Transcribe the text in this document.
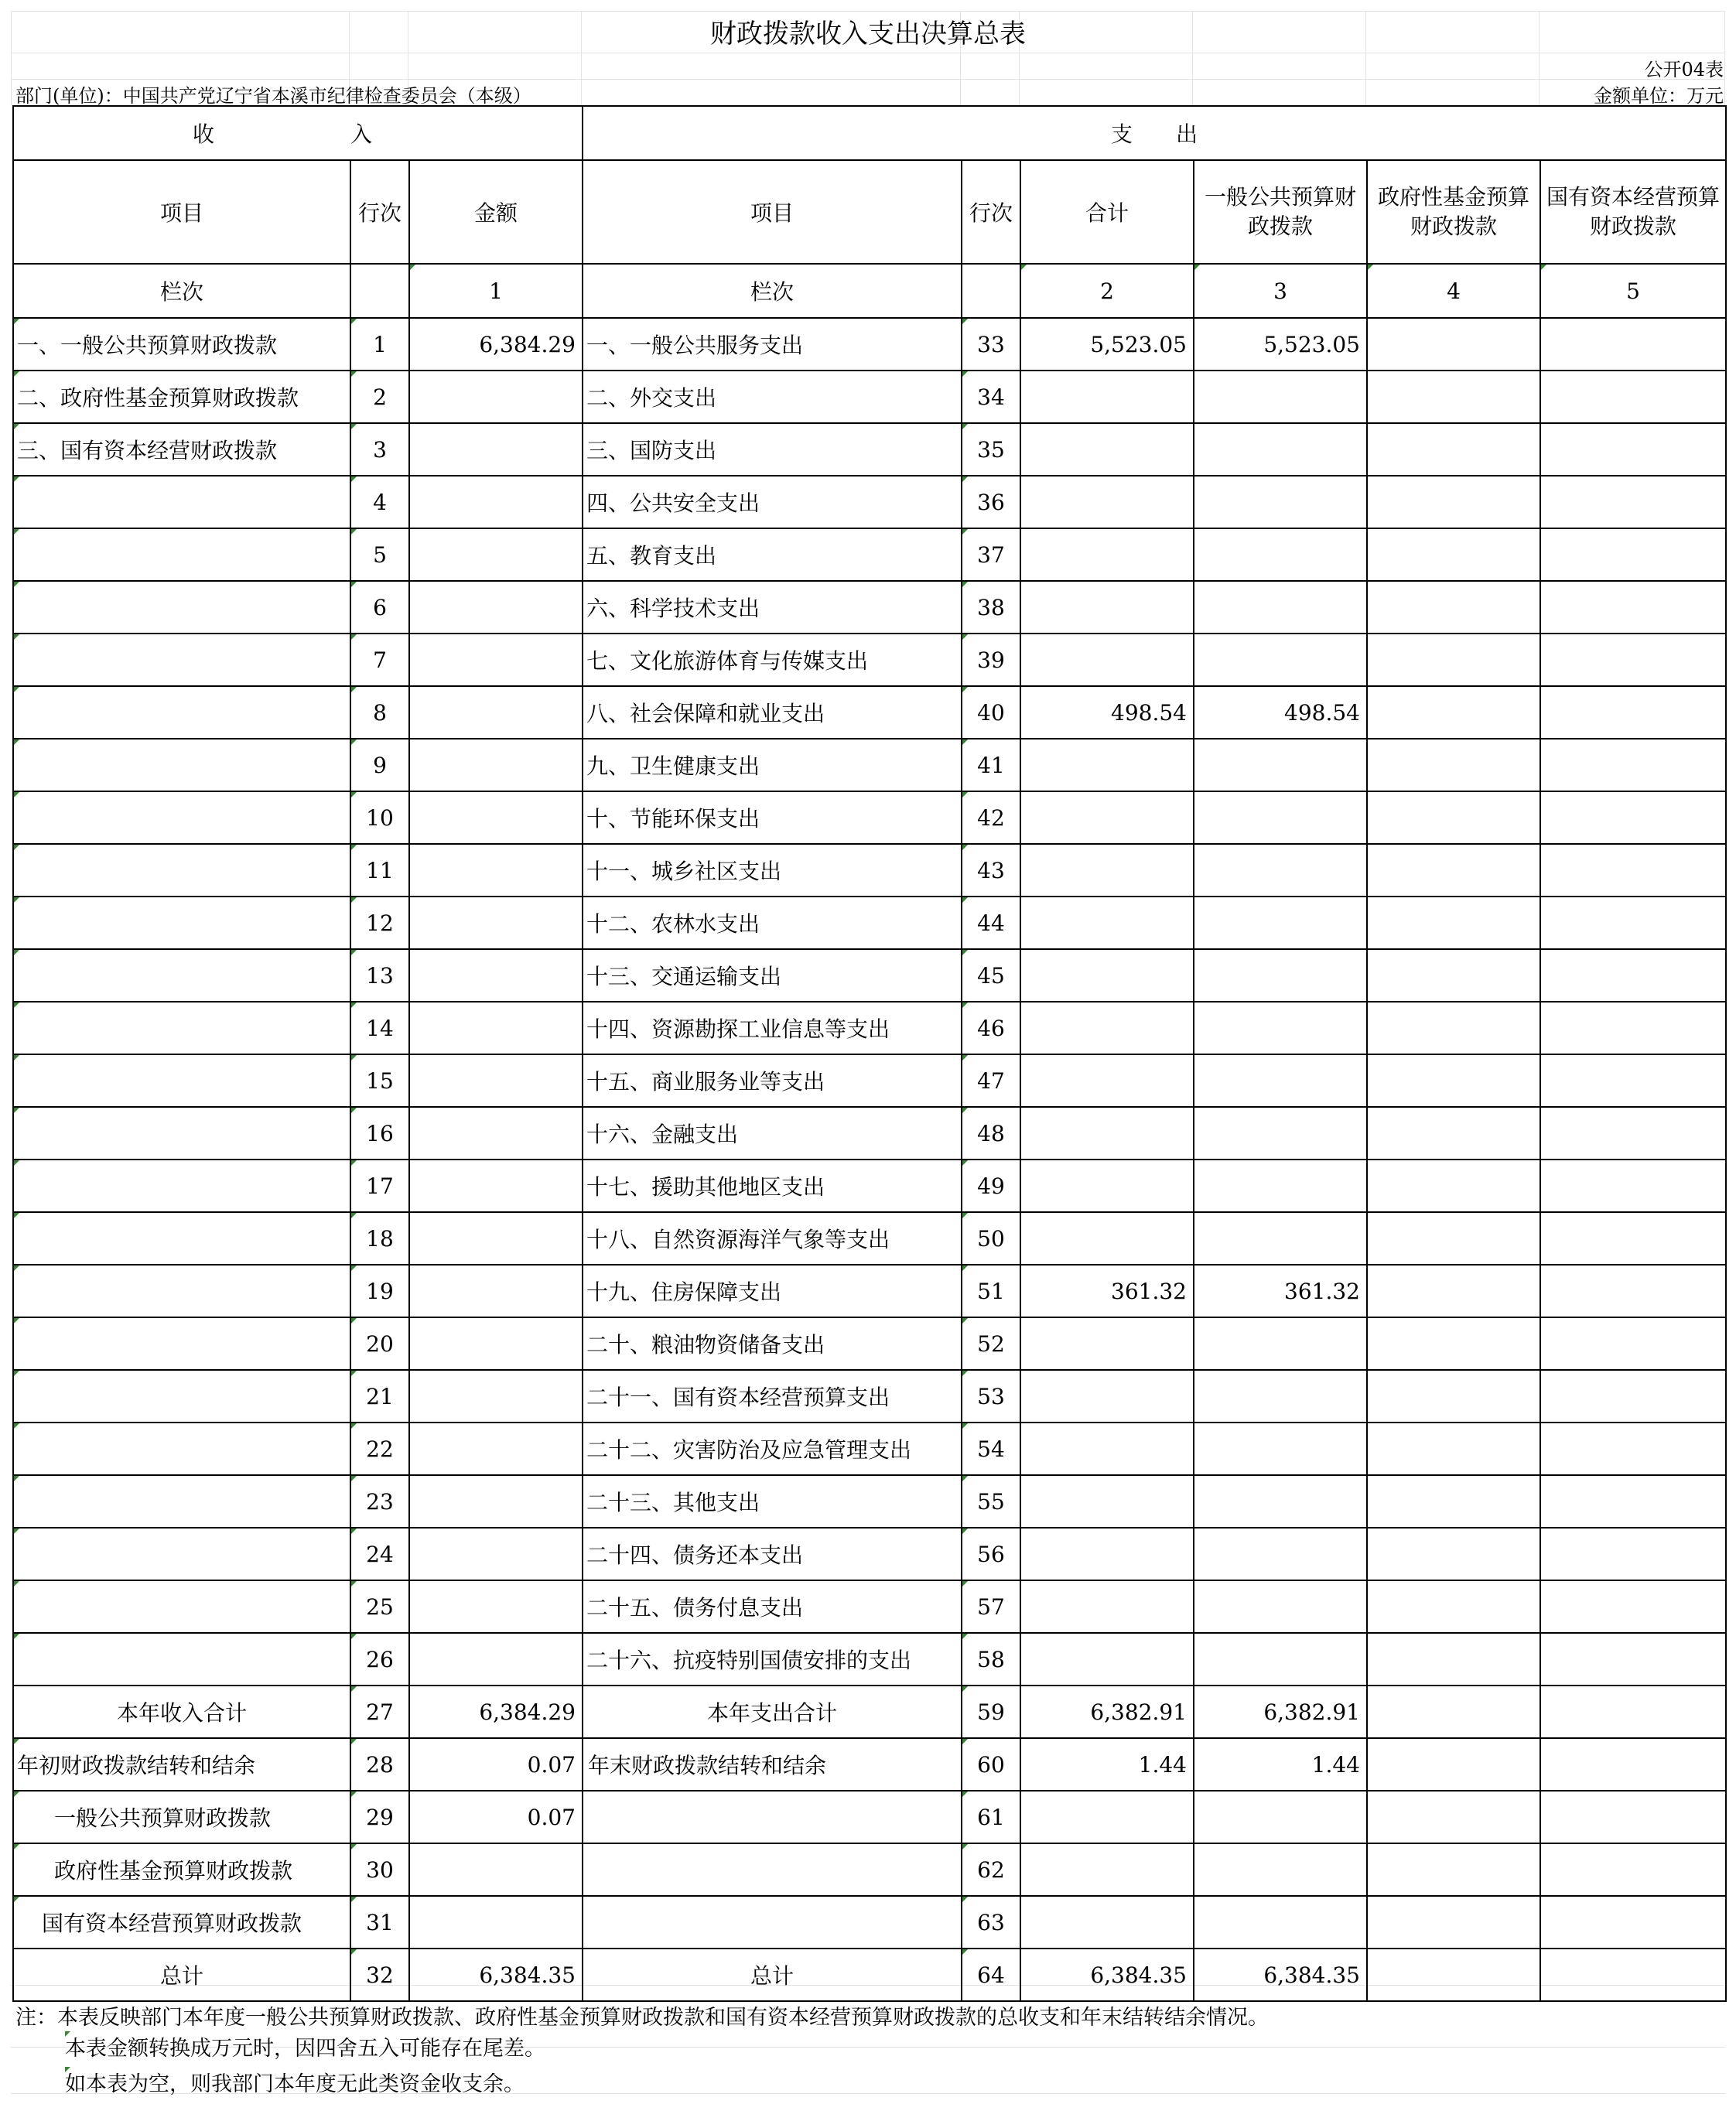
财政拨款收入支出决算总表
公开04表
部门(单位)：中国共产党辽宁省本溪市纪律检查委员会（本级）	金额单位：万元
收　　入			支　　出					
项目	行次	金额	项目	行次	合计	一般公共预算财政拨款	政府性基金预算财政拨款	国有资本经营预算财政拨款
栏次		1	栏次		2	3	4	5
一、一般公共预算财政拨款	1	6,384.29	一、一般公共服务支出	33	5,523.05	5,523.05		
二、政府性基金预算财政拨款	2		二、外交支出	34				
三、国有资本经营财政拨款	3		三、国防支出	35				
	4		四、公共安全支出	36				
	5		五、教育支出	37				
	6		六、科学技术支出	38				
	7		七、文化旅游体育与传媒支出	39				
	8		八、社会保障和就业支出	40	498.54	498.54		
	9		九、卫生健康支出	41				
	10		十、节能环保支出	42				
	11		十一、城乡社区支出	43				
	12		十二、农林水支出	44				
	13		十三、交通运输支出	45				
	14		十四、资源勘探工业信息等支出	46				
	15		十五、商业服务业等支出	47				
	16		十六、金融支出	48				
	17		十七、援助其他地区支出	49				
	18		十八、自然资源海洋气象等支出	50				
	19		十九、住房保障支出	51	361.32	361.32		
	20		二十、粮油物资储备支出	52				
	21		二十一、国有资本经营预算支出	53				
	22		二十二、灾害防治及应急管理支出	54				
	23		二十三、其他支出	55				
	24		二十四、债务还本支出	56				
	25		二十五、债务付息支出	57				
	26		二十六、抗疫特别国债安排的支出	58				
本年收入合计	27	6,384.29	本年支出合计	59	6,382.91	6,382.91		
年初财政拨款结转和结余	28	0.07	年末财政拨款结转和结余	60	1.44	1.44		
一般公共预算财政拨款	29	0.07		61				
政府性基金预算财政拨款	30			62				
国有资本经营预算财政拨款	31			63				
总计	32	6,384.35	总计	64	6,384.35	6,384.35		
注：本表反映部门本年度一般公共预算财政拨款、政府性基金预算财政拨款和国有资本经营预算财政拨款的总收支和年末结转结余情况。
本表金额转换成万元时，因四舍五入可能存在尾差。
如本表为空，则我部门本年度无此类资金收支余。
